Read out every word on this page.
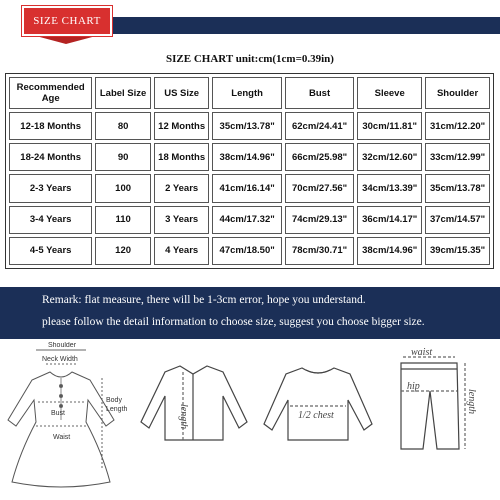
SIZE CHART
SIZE CHART unit:cm(1cm=0.39in)
Recommended Age	Label Size	US Size	Length	Bust	Sleeve	Shoulder
12-18 Months	80	12 Months	35cm/13.78"	62cm/24.41"	30cm/11.81"	31cm/12.20"
18-24 Months	90	18 Months	38cm/14.96"	66cm/25.98"	32cm/12.60"	33cm/12.99"
2-3 Years	100	2 Years	41cm/16.14"	70cm/27.56"	34cm/13.39"	35cm/13.78"
3-4 Years	110	3 Years	44cm/17.32"	74cm/29.13"	36cm/14.17"	37cm/14.57"
4-5 Years	120	4 Years	47cm/18.50"	78cm/30.71"	38cm/14.96"	39cm/15.35"
Remark: flat measure, there will be 1-3cm error, hope you understand.
please follow the detail information to choose size, suggest you choose bigger size.
Shoulder
Neck Width
Bust
Waist
Body
Length	length	1/2 chest
waist
hip
length
